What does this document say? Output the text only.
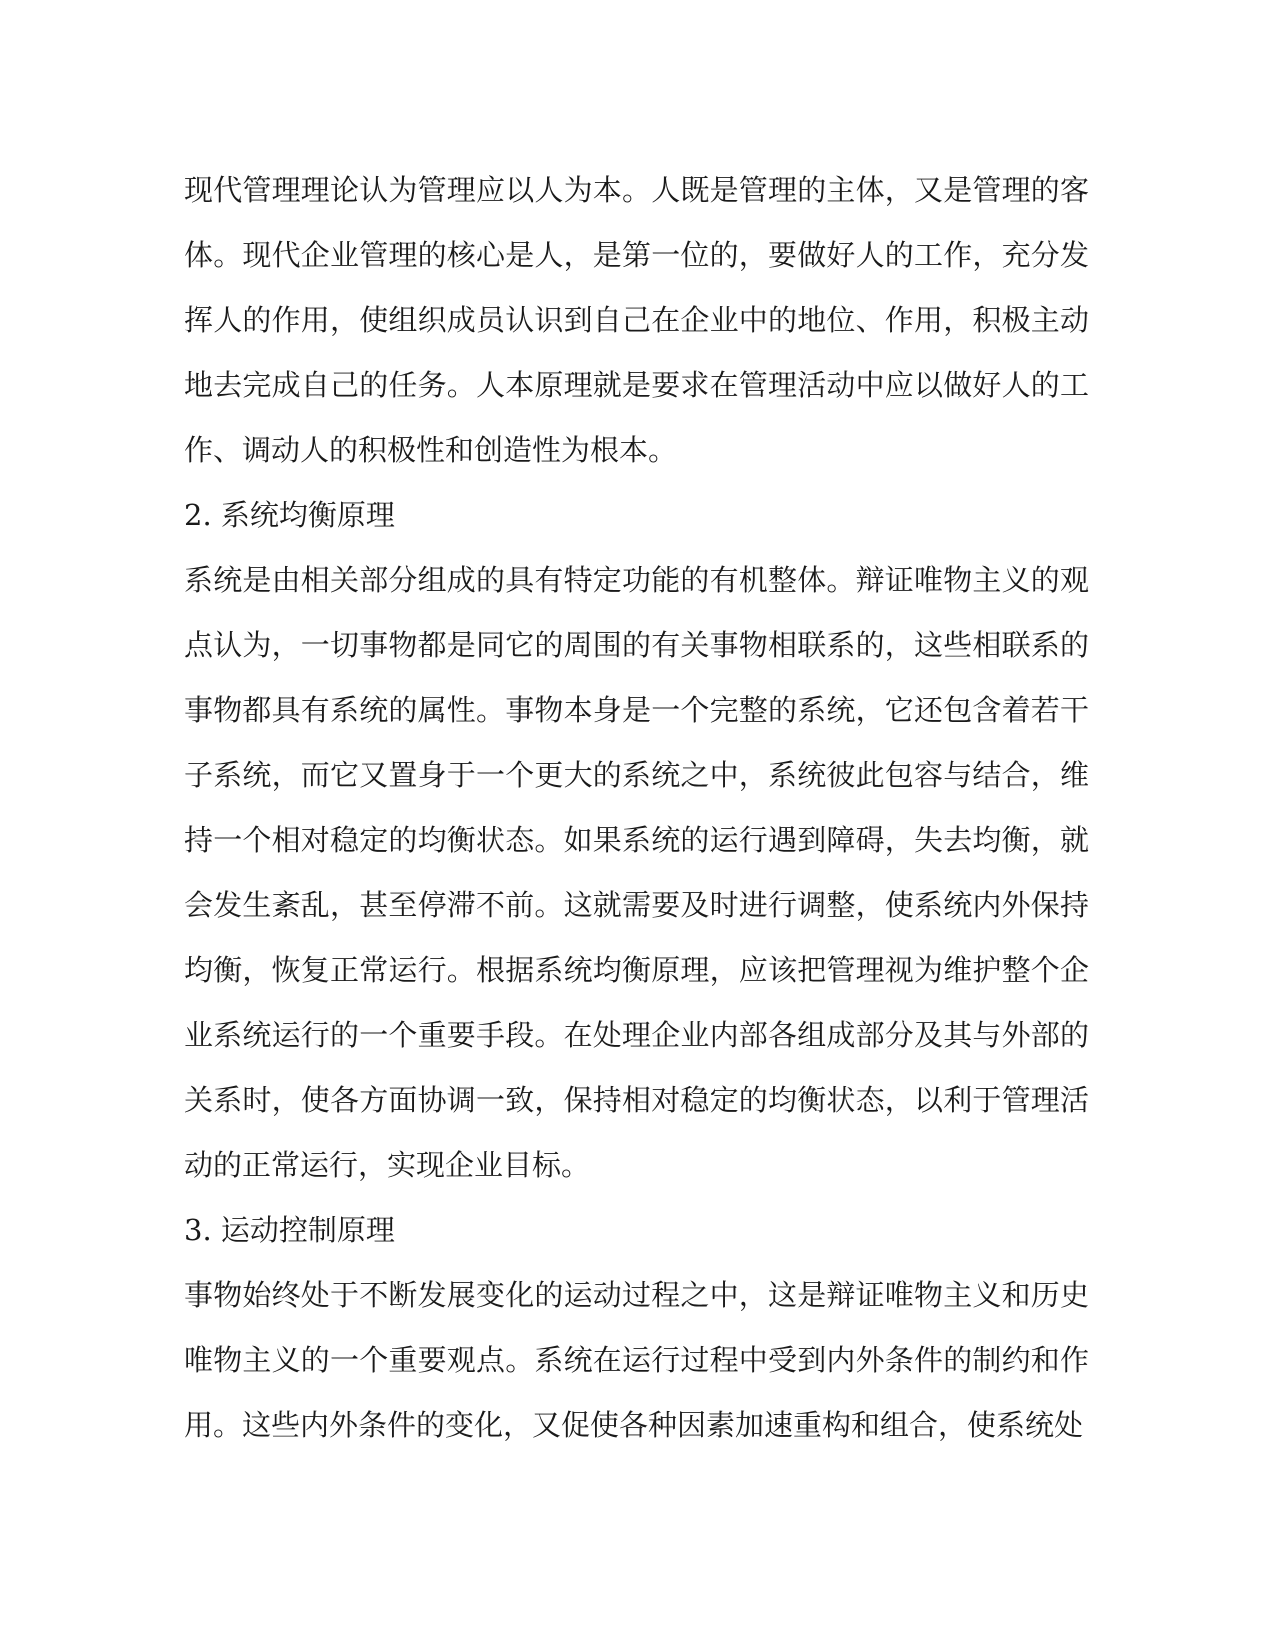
现代管理理论认为管理应以人为本。人既是管理的主体，又是管理的客体。现代企业管理的核心是人，是第一位的，要做好人的工作，充分发挥人的作用，使组织成员认识到自己在企业中的地位、作用，积极主动地去完成自己的任务。人本原理就是要求在管理活动中应以做好人的工作、调动人的积极性和创造性为根本。

2. 系统均衡原理

系统是由相关部分组成的具有特定功能的有机整体。辩证唯物主义的观点认为，一切事物都是同它的周围的有关事物相联系的，这些相联系的事物都具有系统的属性。事物本身是一个完整的系统，它还包含着若干子系统，而它又置身于一个更大的系统之中，系统彼此包容与结合，维持一个相对稳定的均衡状态。如果系统的运行遇到障碍，失去均衡，就会发生紊乱，甚至停滞不前。这就需要及时进行调整，使系统内外保持均衡，恢复正常运行。根据系统均衡原理，应该把管理视为维护整个企业系统运行的一个重要手段。在处理企业内部各组成部分及其与外部的关系时，使各方面协调一致，保持相对稳定的均衡状态，以利于管理活动的正常运行，实现企业目标。

3. 运动控制原理

事物始终处于不断发展变化的运动过程之中，这是辩证唯物主义和历史唯物主义的一个重要观点。系统在运行过程中受到内外条件的制约和作用。这些内外条件的变化，又促使各种因素加速重构和组合，使系统处
